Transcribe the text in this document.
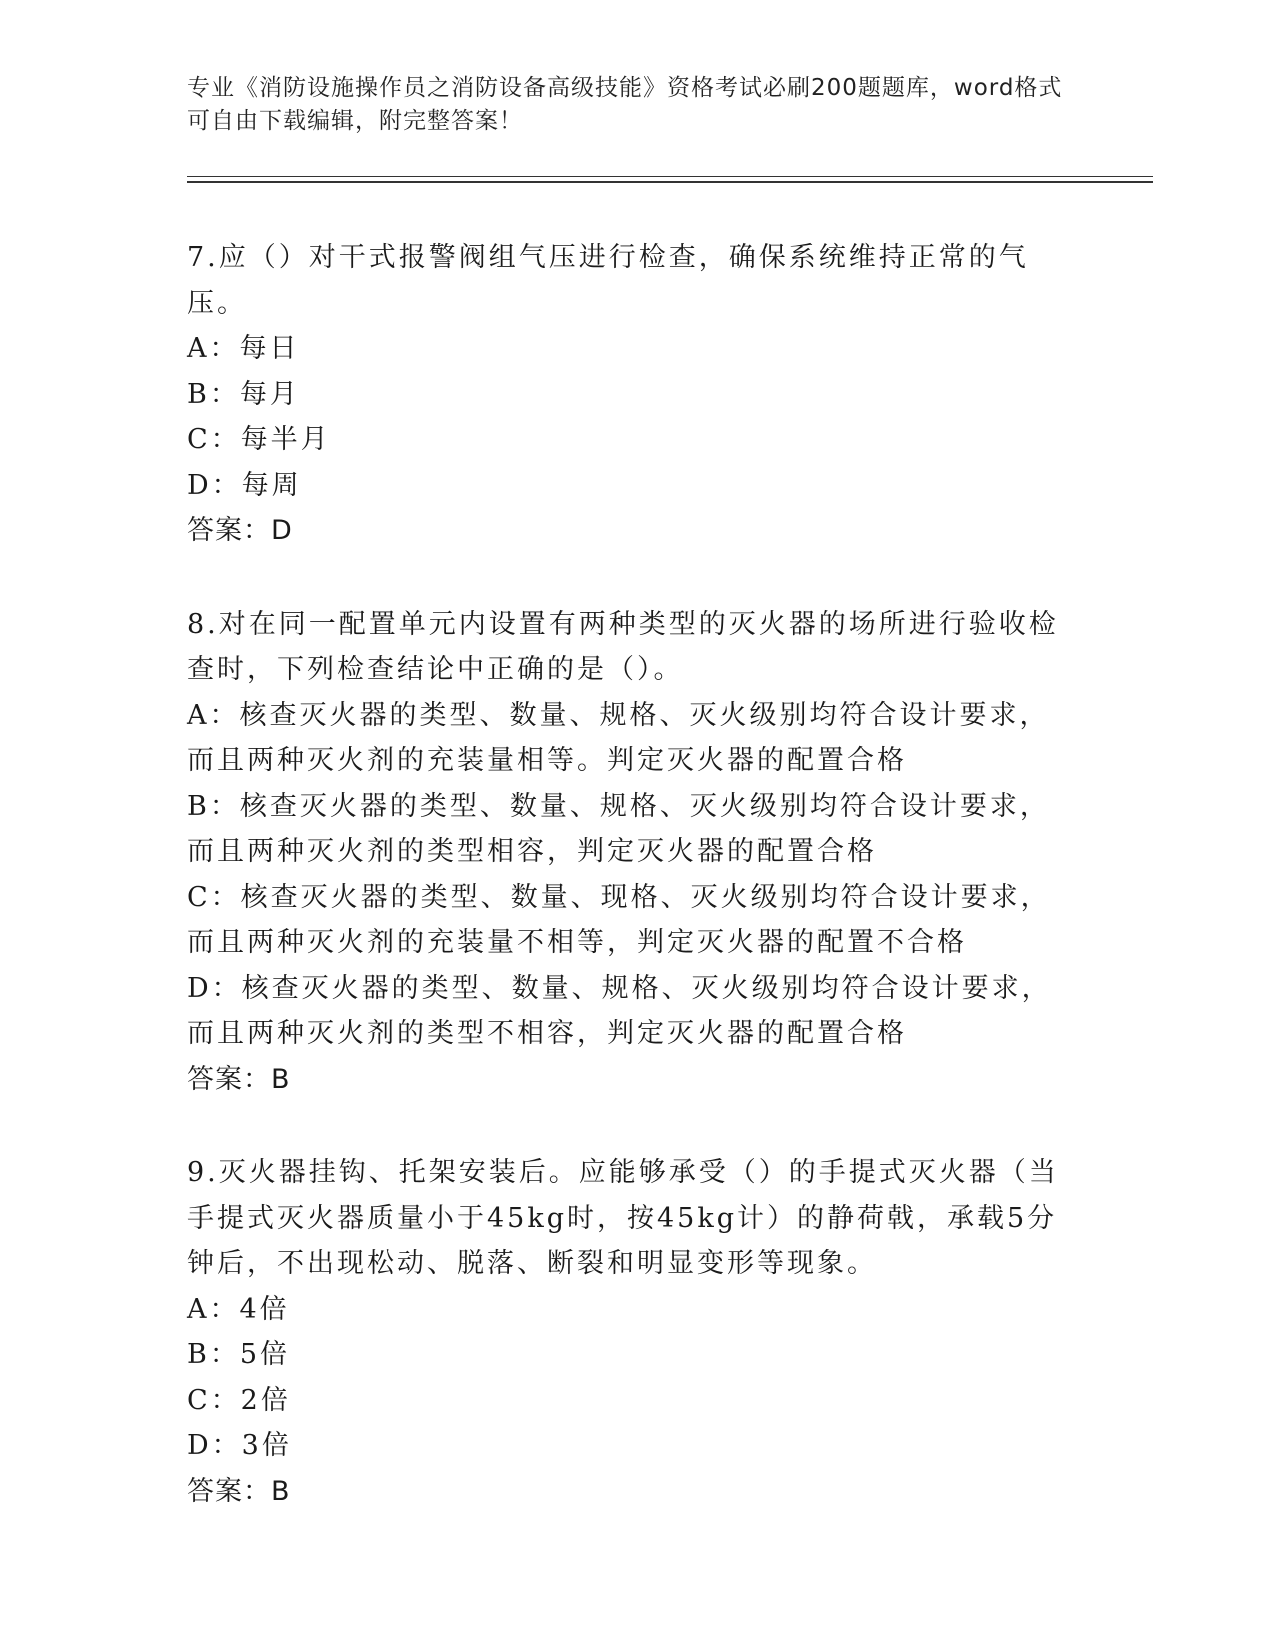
专业《消防设施操作员之消防设备高级技能》资格考试必刷200题题库，word格式可自由下载编辑，附完整答案！
7.应（）对干式报警阀组气压进行检查，确保系统维持正常的气压。
A：每日
B：每月
C：每半月
D：每周
答案：D
8.对在同一配置单元内设置有两种类型的灭火器的场所进行验收检查时，下列检查结论中正确的是（）。
A：核查灭火器的类型、数量、规格、灭火级别均符合设计要求，而且两种灭火剂的充装量相等。判定灭火器的配置合格
B：核查灭火器的类型、数量、规格、灭火级别均符合设计要求，而且两种灭火剂的类型相容，判定灭火器的配置合格
C：核查灭火器的类型、数量、现格、灭火级别均符合设计要求，而且两种灭火剂的充装量不相等，判定灭火器的配置不合格
D：核查灭火器的类型、数量、规格、灭火级别均符合设计要求，而且两种灭火剂的类型不相容，判定灭火器的配置合格
答案：B
9.灭火器挂钩、托架安装后。应能够承受（）的手提式灭火器（当手提式灭火器质量小于45kg时，按45kg计）的静荷戟，承载5分钟后，不出现松动、脱落、断裂和明显变形等现象。
A：4倍
B：5倍
C：2倍
D：3倍
答案：B
